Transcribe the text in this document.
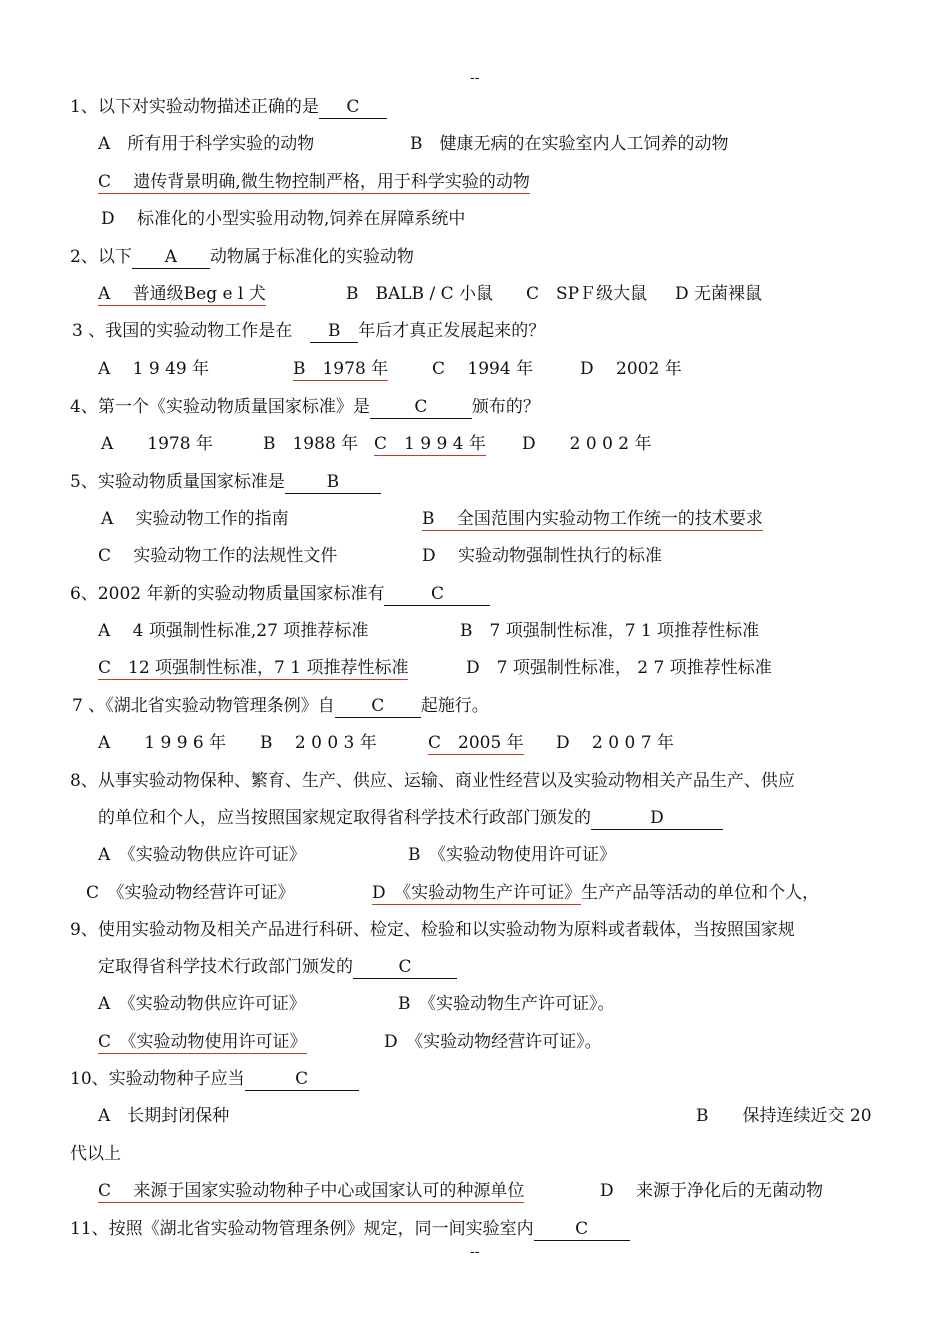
--
1、以下对实验动物描述正确的是 C
A　所有用于科学实验的动物	B　健康无病的在实验室内人工饲养的动物
C　 遗传背景明确,微生物控制严格，用于科学实验的动物
D　 标准化的小型实验用动物,饲养在屏障系统中
2、以下 A 动物属于标准化的实验动物
A　 普通级Beg e l 犬	B　BALB / C 小鼠 C　SPＦ级大鼠 D 无菌裸鼠
3 、我国的实验动物工作是在 B 年后才真正发展起来的？
A　 1 9 49 年	B　1978 年	C　 1994 年	D　 2002 年
4、第一个《实验动物质量国家标准》是	C	颁布的？
A　　1978 年	B　1988 年 C　1 9 9 4 年 D　　2 0 0 2 年
5、实验动物质量国家标准是 B
A　 实验动物工作的指南	B　 全国范围内实验动物工作统一的技术要求
C　 实验动物工作的法规性文件	D　 实验动物强制性执行的标准
6、2002 年新的实验动物质量国家标准有	C
A　 4 项强制性标准,27 项推荐标准	B　7 项强制性标准，7 1 项推荐性标准
C　12 项强制性标准，7 1 项推荐性标准	D　7 项强制性标准， 2 7 项推荐性标准
7 、《湖北省实验动物管理条例》自 C 起施行。
A　　1 9 9 6 年 B　 2 0 0 3 年	C　2005 年 D　 2 0 0 7 年
8、从事实验动物保种、繁育、生产、供应、运输、商业性经营以及实验动物相关产品生产、供应
的单位和个人，应当按照国家规定取得省科学技术行政部门颁发的	D
A　《实验动物供应许可证》	B　《实验动物使用许可证》
C　《实验动物经营许可证》	D　《实验动物生产许可证》生产产品等活动的单位和个人，
9、使用实验动物及相关产品进行科研、检定、检验和以实验动物为原料或者载体，当按照国家规
定取得省科学技术行政部门颁发的	C
A　《实验动物供应许可证》	B　《实验动物生产许可证》。
C　《实验动物使用许可证》	D　《实验动物经营许可证》。
10、实验动物种子应当	C
A　长期封闭保种	B　　保持连续近交 20
代以上
C　 来源于国家实验动物种子中心或国家认可的种源单位	D　 来源于净化后的无菌动物
11、按照《湖北省实验动物管理条例》规定，同一间实验室内 C
--
